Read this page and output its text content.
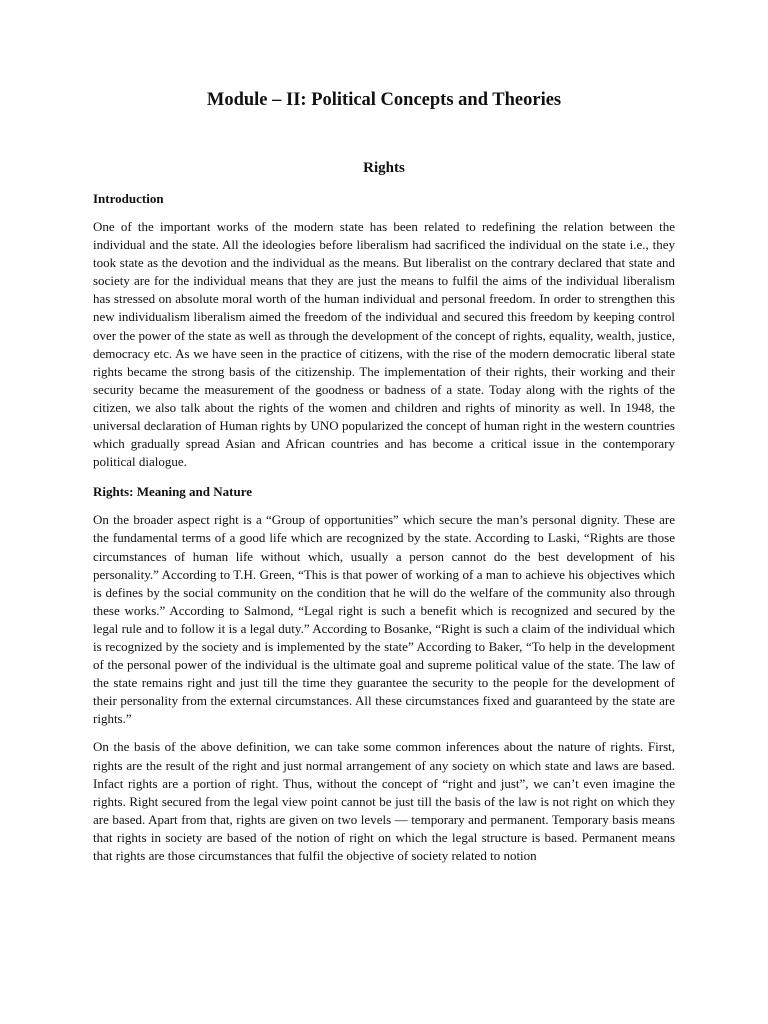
Module – II: Political Concepts and Theories
Rights
Introduction

One of the important works of the modern state has been related to redefining the relation between the individual and the state. All the ideologies before liberalism had sacrificed the individual on the state i.e., they took state as the devotion and the individual as the means. But liberalist on the contrary declared that state and society are for the individual means that they are just the means to fulfil the aims of the individual liberalism has stressed on absolute moral worth of the human individual and personal freedom. In order to strengthen this new individualism liberalism aimed the freedom of the individual and secured this freedom by keeping control over the power of the state as well as through the development of the concept of rights, equality, wealth, justice, democracy etc. As we have seen in the practice of citizens, with the rise of the modern democratic liberal state rights became the strong basis of the citizenship. The implementation of their rights, their working and their security became the measurement of the goodness or badness of a state. Today along with the rights of the citizen, we also talk about the rights of the women and children and rights of minority as well. In 1948, the universal declaration of Human rights by UNO popularized the concept of human right in the western countries which gradually spread Asian and African countries and has become a critical issue in the contemporary political dialogue.

Rights: Meaning and Nature

On the broader aspect right is a “Group of opportunities” which secure the man’s personal dignity. These are the fundamental terms of a good life which are recognized by the state. According to Laski, “Rights are those circumstances of human life without which, usually a person cannot do the best development of his personality.” According to T.H. Green, “This is that power of working of a man to achieve his objectives which is defines by the social community on the condition that he will do the welfare of the community also through these works.” According to Salmond, “Legal right is such a benefit which is recognized and secured by the legal rule and to follow it is a legal duty.” According to Bosanke, “Right is such a claim of the individual which is recognized by the society and is implemented by the state” According to Baker, “To help in the development of the personal power of the individual is the ultimate goal and supreme political value of the state. The law of the state remains right and just till the time they guarantee the security to the people for the development of their personality from the external circumstances. All these circumstances fixed and guaranteed by the state are rights.”

On the basis of the above definition, we can take some common inferences about the nature of rights. First, rights are the result of the right and just normal arrangement of any society on which state and laws are based. Infact rights are a portion of right. Thus, without the concept of “right and just”, we can’t even imagine the rights. Right secured from the legal view point cannot be just till the basis of the law is not right on which they are based. Apart from that, rights are given on two levels — temporary and permanent. Temporary basis means that rights in society are based of the notion of right on which the legal structure is based. Permanent means that rights are those circumstances that fulfil the objective of society related to notion
